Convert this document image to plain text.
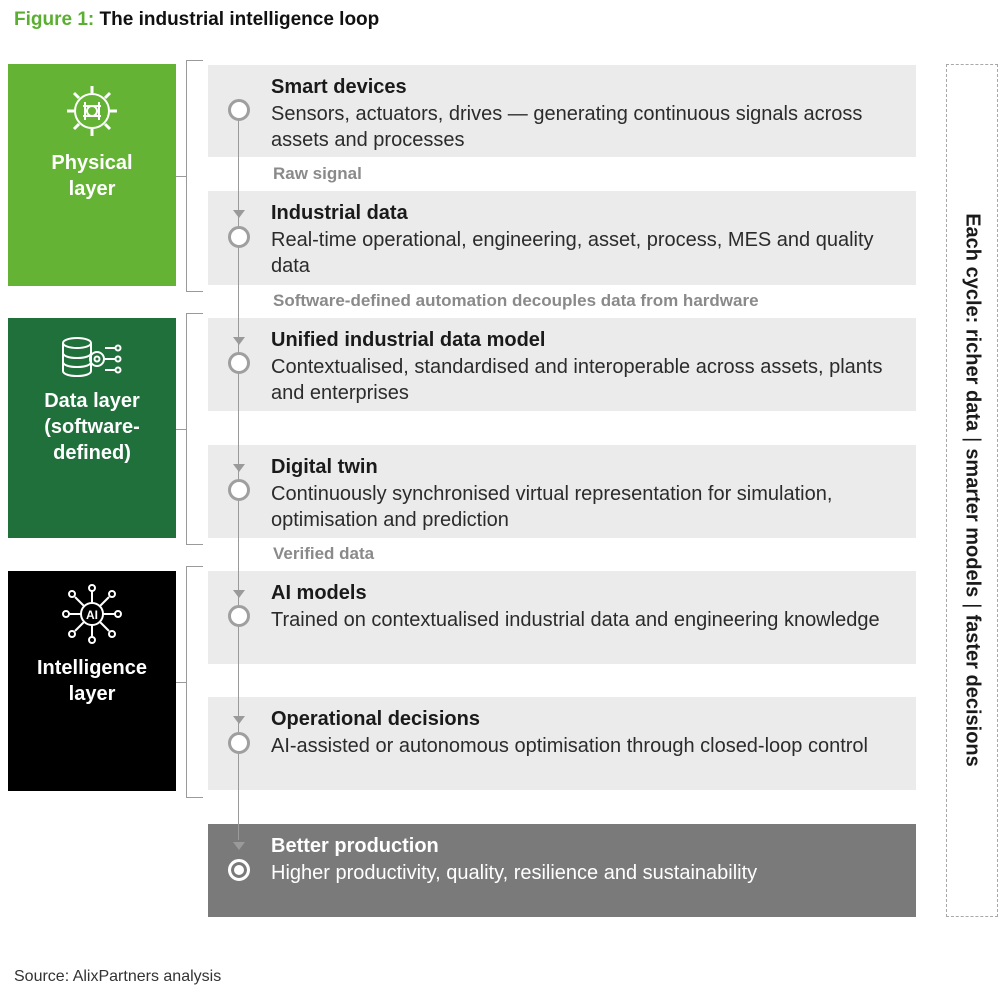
Figure 1: The industrial intelligence loop
Physical
layer
Data layer
(software-
defined)
AI
Intelligence
layer
Smart devices
Sensors, actuators, drives — generating continuous signals across assets and processes
Industrial data
Real-time operational, engineering, asset, process, MES and quality data
Unified industrial data model
Contextualised, standardised and interoperable across assets, plants and enterprises
Digital twin
Continuously synchronised virtual representation for simulation, optimisation and prediction
AI models
Trained on contextualised industrial data and engineering knowledge
Operational decisions
AI-assisted or autonomous optimisation through closed-loop control
Better production
Higher productivity, quality, resilience and sustainability
Raw signal
Software-defined automation decouples data from hardware
Verified data
Each cycle: richer data|smarter models|faster decisions
Source: AlixPartners analysis
